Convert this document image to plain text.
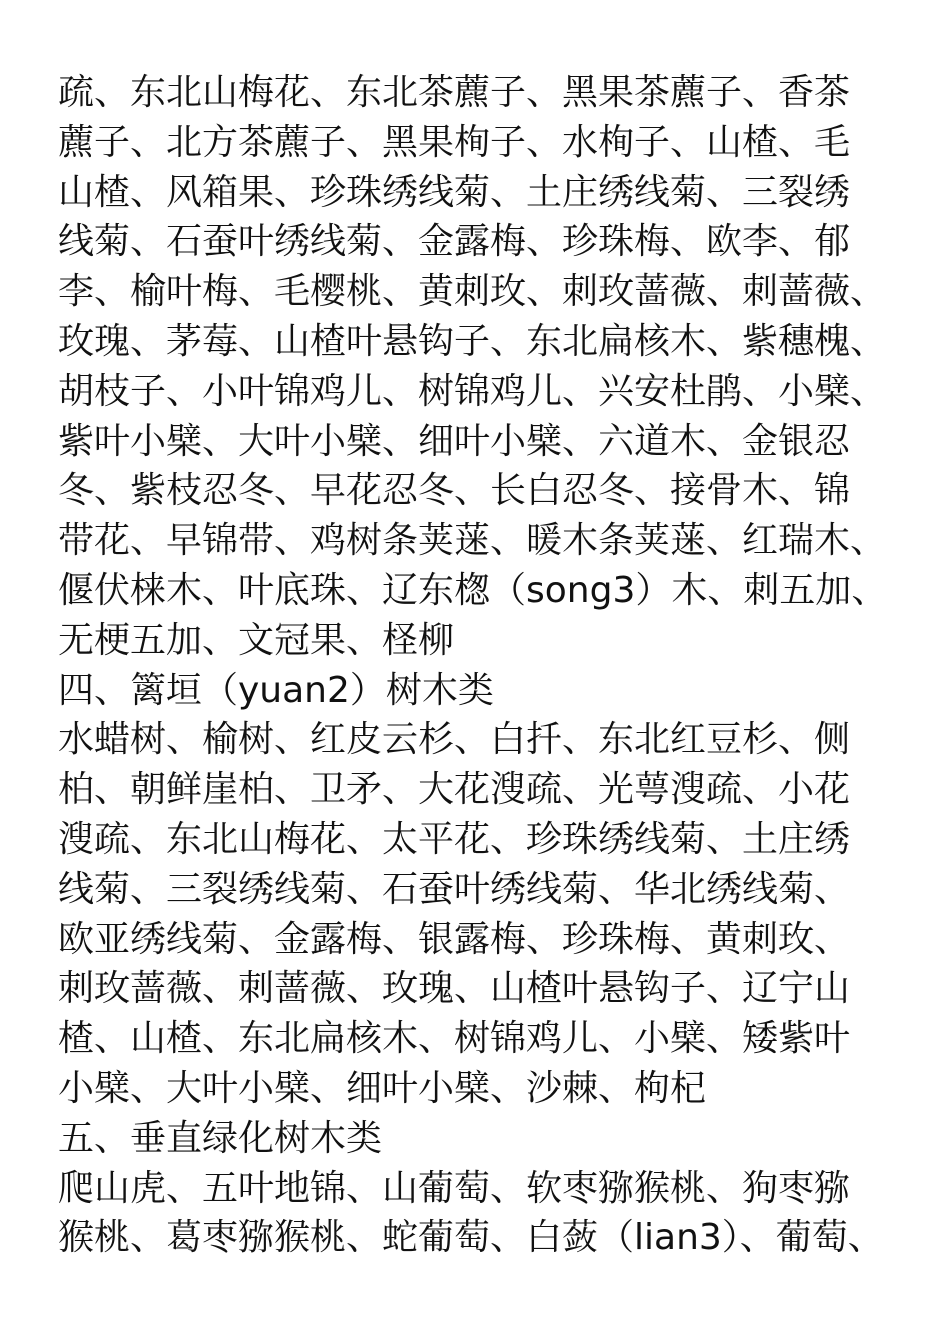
疏、东北山梅花、东北茶藨子、黑果茶藨子、香茶
藨子、北方茶藨子、黑果栒子、水栒子、山楂、毛
山楂、风箱果、珍珠绣线菊、土庄绣线菊、三裂绣
线菊、石蚕叶绣线菊、金露梅、珍珠梅、欧李、郁
李、榆叶梅、毛樱桃、黄刺玫、刺玫蔷薇、刺蔷薇、
玫瑰、茅莓、山楂叶悬钩子、东北扁核木、紫穗槐、
胡枝子、小叶锦鸡儿、树锦鸡儿、兴安杜鹃、小檗、
紫叶小檗、大叶小檗、细叶小檗、六道木、金银忍
冬、紫枝忍冬、早花忍冬、长白忍冬、接骨木、锦
带花、早锦带、鸡树条荚蒾、暖木条荚蒾、红瑞木、
偃伏梾木、叶底珠、辽东楤（song3）木、刺五加、
无梗五加、文冠果、柽柳
四、篱垣（yuan2）树木类
水蜡树、榆树、红皮云杉、白扦、东北红豆杉、侧
柏、朝鲜崖柏、卫矛、大花溲疏、光萼溲疏、小花
溲疏、东北山梅花、太平花、珍珠绣线菊、土庄绣
线菊、三裂绣线菊、石蚕叶绣线菊、华北绣线菊、
欧亚绣线菊、金露梅、银露梅、珍珠梅、黄刺玫、
刺玫蔷薇、刺蔷薇、玫瑰、山楂叶悬钩子、辽宁山
楂、山楂、东北扁核木、树锦鸡儿、小檗、矮紫叶
小檗、大叶小檗、细叶小檗、沙棘、枸杞
五、垂直绿化树木类
爬山虎、五叶地锦、山葡萄、软枣猕猴桃、狗枣猕
猴桃、葛枣猕猴桃、蛇葡萄、白蔹（lian3）、葡萄、
